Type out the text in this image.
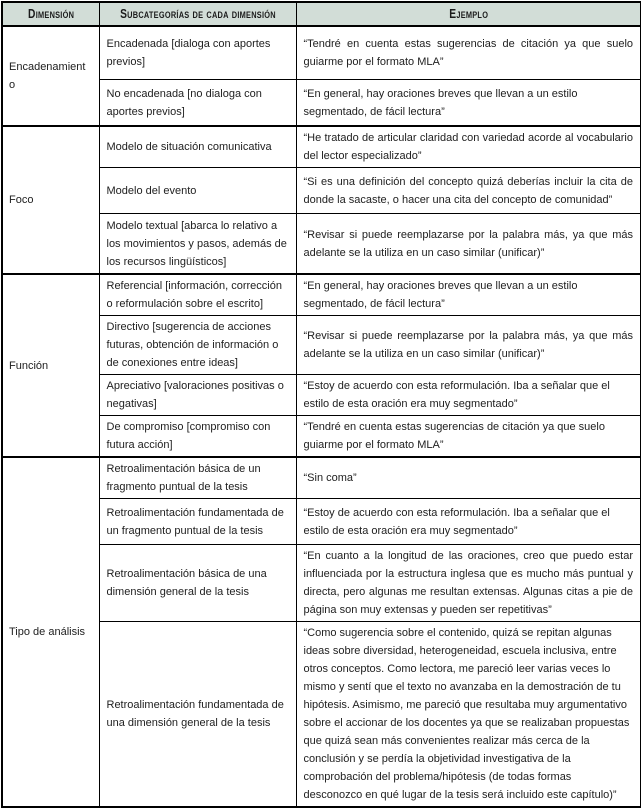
Dimensión	Subcategorías de cada dimensión	Ejemplo
Encadenamiento	Encadenada [dialoga con aportes previos]	“Tendré en cuenta estas sugerencias de citación ya que suelo guiarme por el formato MLA”
	No encadenada [no dialoga con aportes previos]	“En general, hay oraciones breves que llevan a un estilo segmentado, de fácil lectura”
Foco	Modelo de situación comunicativa	“He tratado de articular claridad con variedad acorde al vocabulario del lector especializado”
	Modelo del evento	“Si es una definición del concepto quizá deberías incluir la cita de donde la sacaste, o hacer una cita del concepto de comunidad”
	Modelo textual [abarca lo relativo a los movimientos y pasos, además de los recursos lingüísticos]	“Revisar si puede reemplazarse por la palabra más, ya que más adelante se la utiliza en un caso similar (unificar)”
Función	Referencial [información, corrección o reformulación sobre el escrito]	“En general, hay oraciones breves que llevan a un estilo segmentado, de fácil lectura”
	Directivo [sugerencia de acciones futuras, obtención de información o de conexiones entre ideas]	“Revisar si puede reemplazarse por la palabra más, ya que más adelante se la utiliza en un caso similar (unificar)”
	Apreciativo [valoraciones positivas o negativas]	“Estoy de acuerdo con esta reformulación. Iba a señalar que el estilo de esta oración era muy segmentado”
	De compromiso [compromiso con futura acción]	“Tendré en cuenta estas sugerencias de citación ya que suelo guiarme por el formato MLA”
Tipo de análisis	Retroalimentación básica de un fragmento puntual de la tesis	“Sin coma”
	Retroalimentación fundamentada de un fragmento puntual de la tesis	“Estoy de acuerdo con esta reformulación. Iba a señalar que el estilo de esta oración era muy segmentado”
	Retroalimentación básica de una dimensión general de la tesis	“En cuanto a la longitud de las oraciones, creo que puedo estar influenciada por la estructura inglesa que es mucho más puntual y directa, pero algunas me resultan extensas. Algunas citas a pie de página son muy extensas y pueden ser repetitivas”
	Retroalimentación fundamentada de una dimensión general de la tesis	“Como sugerencia sobre el contenido, quizá se repitan algunas ideas sobre diversidad, heterogeneidad, escuela inclusiva, entre otros conceptos. Como lectora, me pareció leer varias veces lo mismo y sentí que el texto no avanzaba en la demostración de tu hipótesis. Asimismo, me pareció que resultaba muy argumentativo sobre el accionar de los docentes ya que se realizaban propuestas que quizá sean más convenientes realizar más cerca de la conclusión y se perdía la objetividad investigativa de la comprobación del problema/hipótesis (de todas formas desconozco en qué lugar de la tesis será incluido este capítulo)”
